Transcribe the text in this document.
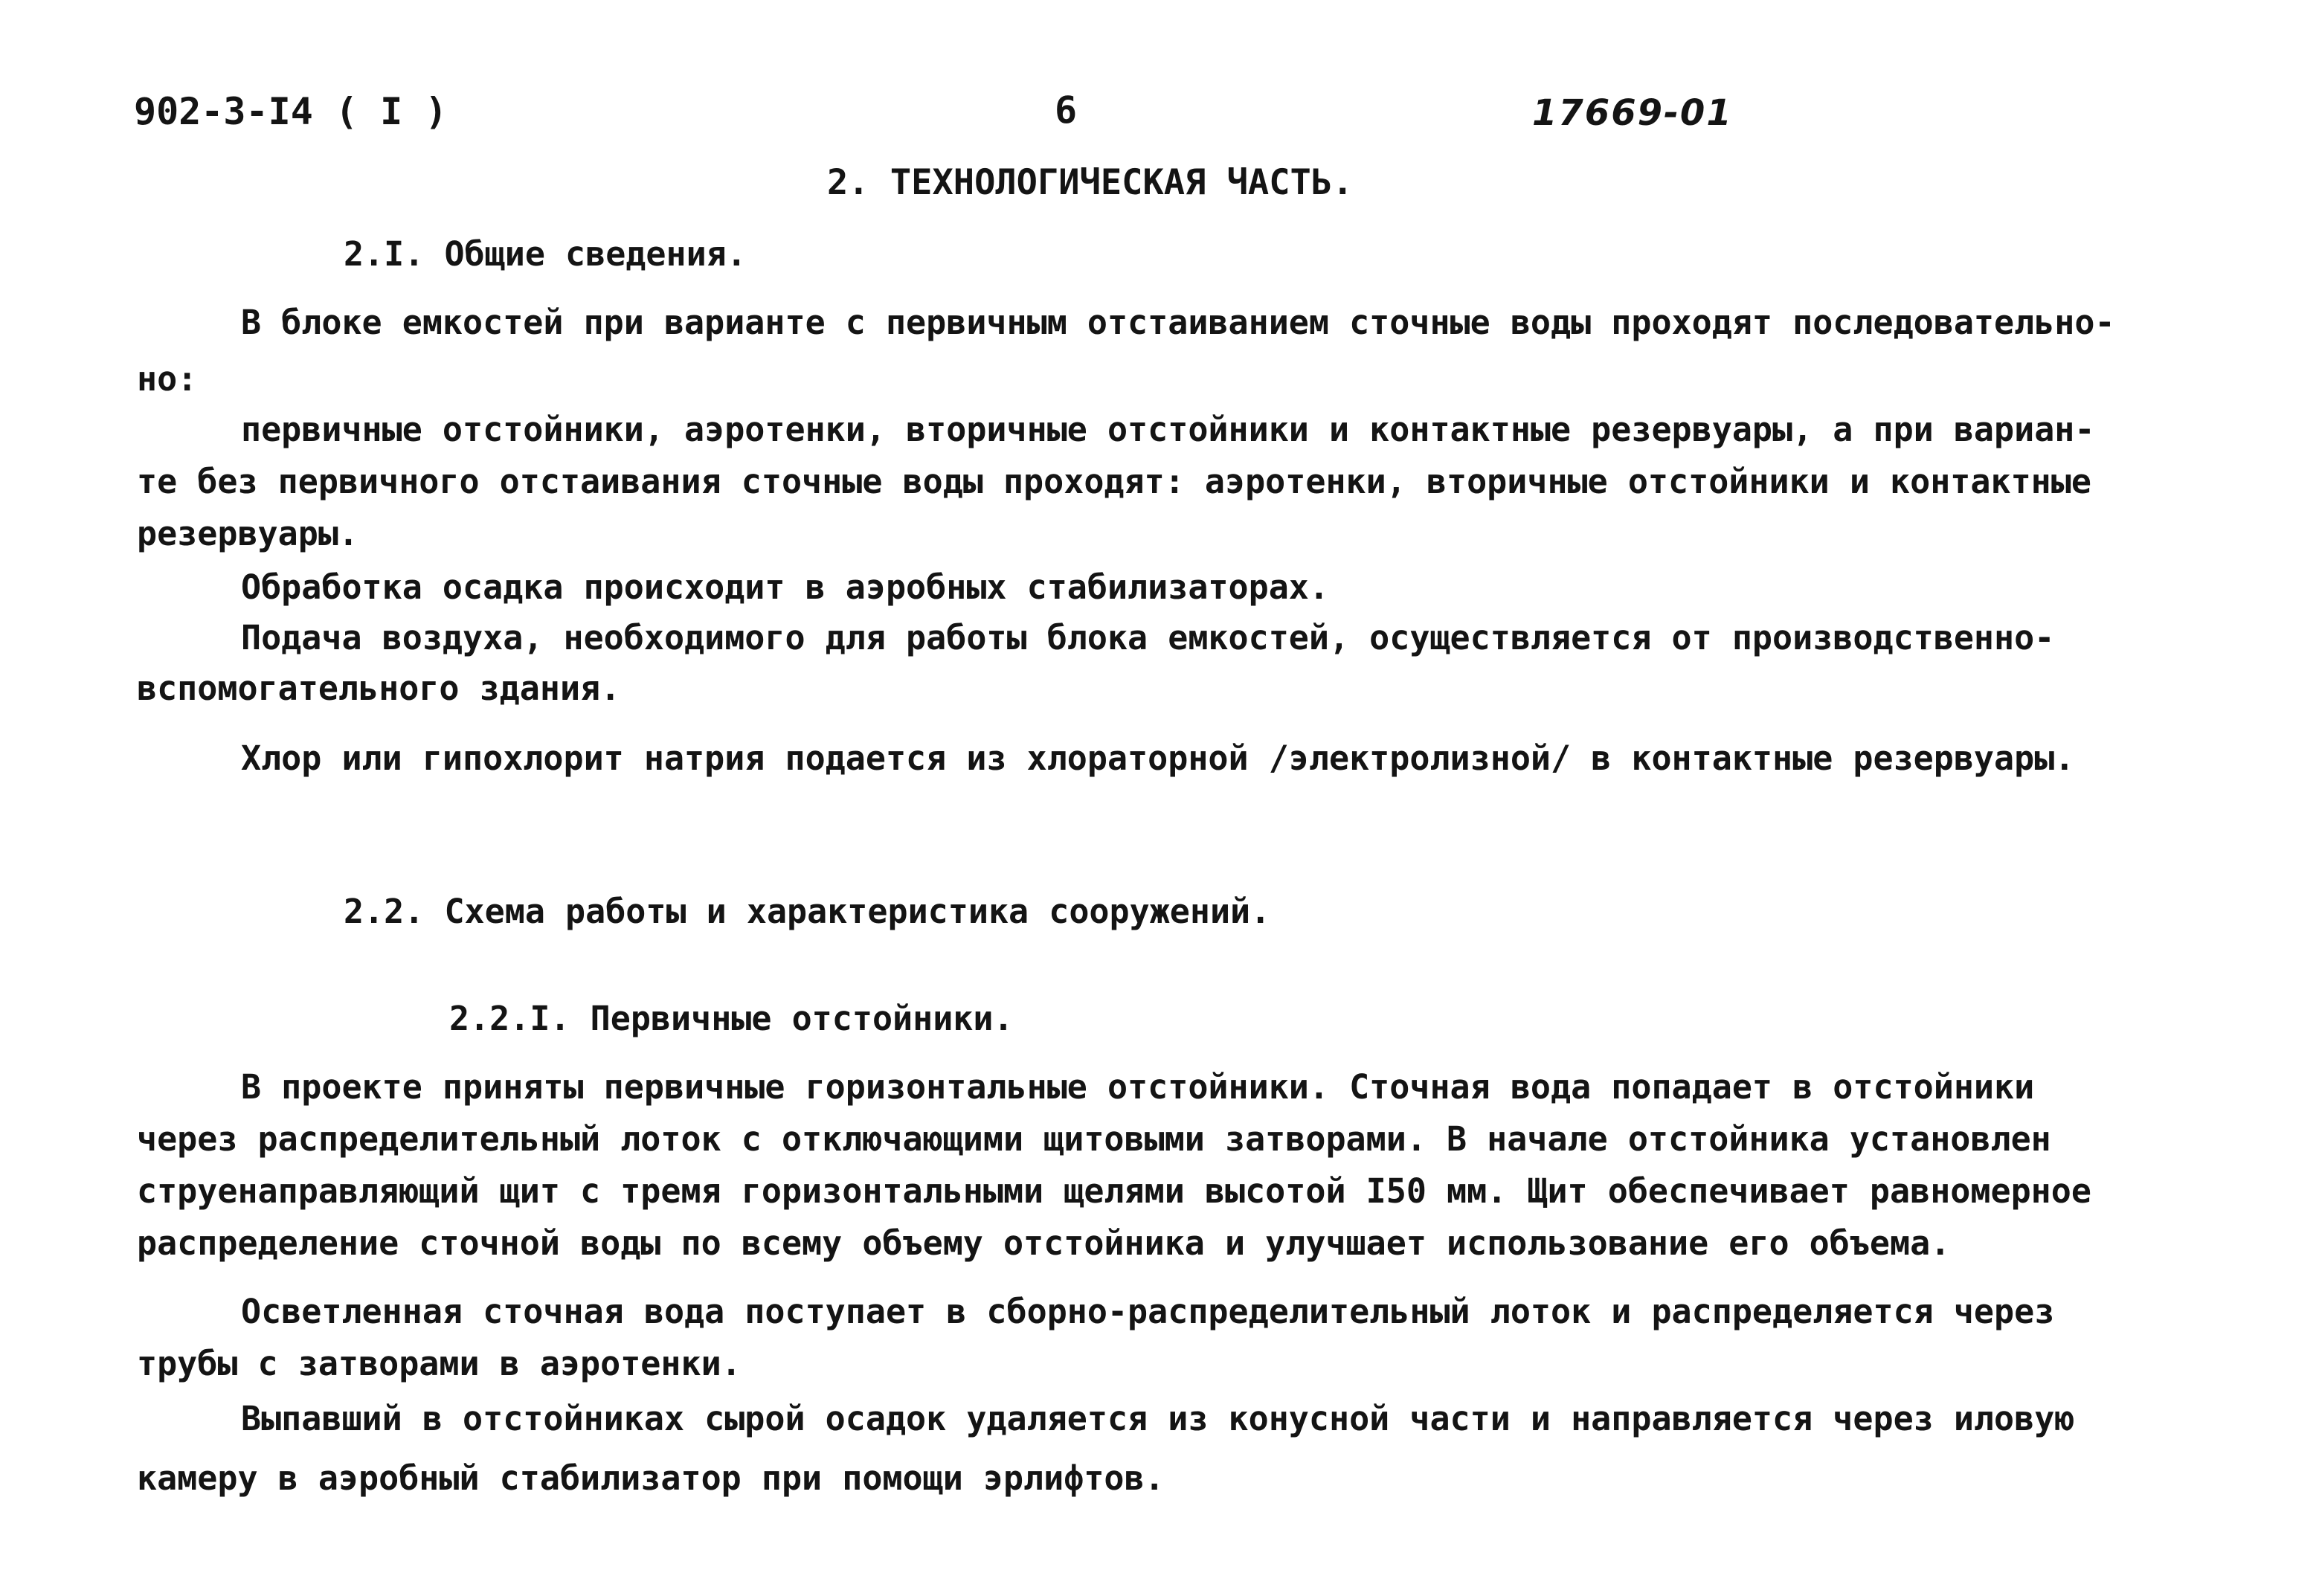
902-3-I4 ( I )	6	17669-01
2. ТЕХНОЛОГИЧЕСКАЯ ЧАСТЬ.
2.I. Общие сведения.
В блоке емкостей при варианте с первичным отстаиванием сточные воды проходят последовательно-
но:
первичные отстойники, аэротенки, вторичные отстойники и контактные резервуары, а при вариан-
те без первичного отстаивания сточные воды проходят: аэротенки, вторичные отстойники и контактные
резервуары.
Обработка осадка происходит в аэробных стабилизаторах.
Подача воздуха, необходимого для работы блока емкостей, осуществляется от производственно-
вспомогательного здания.
Хлор или гипохлорит натрия подается из хлораторной /электролизной/ в контактные резервуары.
2.2. Схема работы и характеристика сооружений.
2.2.I. Первичные отстойники.
В проекте приняты первичные горизонтальные отстойники. Сточная вода попадает в отстойники
через распределительный лоток с отключающими щитовыми затворами. В начале отстойника установлен
струенаправляющий щит с тремя горизонтальными щелями высотой I50 мм. Щит обеспечивает равномерное
распределение сточной воды по всему объему отстойника и улучшает использование его объема.
Осветленная сточная вода поступает в сборно-распределительный лоток и распределяется через
трубы с затворами в аэротенки.
Выпавший в отстойниках сырой осадок удаляется из конусной части и направляется через иловую
камеру в аэробный стабилизатор при помощи эрлифтов.
